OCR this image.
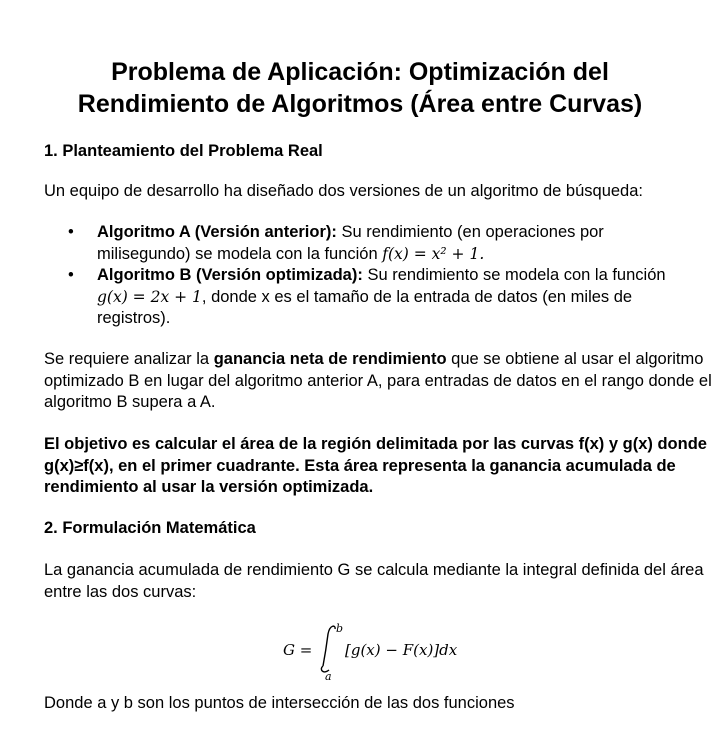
Problema de Aplicación: Optimización del
Rendimiento de Algoritmos (Área entre Curvas)
1. Planteamiento del Problema Real
Un equipo de desarrollo ha diseñado dos versiones de un algoritmo de búsqueda:
• Algoritmo A (Versión anterior): Su rendimiento (en operaciones por milisegundo) se modela con la función f(x) = x² + 1.
• Algoritmo B (Versión optimizada): Su rendimiento se modela con la función g(x) = 2x + 1, donde x es el tamaño de la entrada de datos (en miles de registros).
Se requiere analizar la ganancia neta de rendimiento que se obtiene al usar el algoritmo optimizado B en lugar del algoritmo anterior A, para entradas de datos en el rango donde el algoritmo B supera a A.
El objetivo es calcular el área de la región delimitada por las curvas f(x) y g(x) donde g(x)≥f(x), en el primer cuadrante. Esta área representa la ganancia acumulada de rendimiento al usar la versión optimizada.
2. Formulación Matemática
La ganancia acumulada de rendimiento G se calcula mediante la integral definida del área entre las dos curvas:
G =
b
a
[g(x) − F(x)]dx
Donde a y b son los puntos de intersección de las dos funciones
